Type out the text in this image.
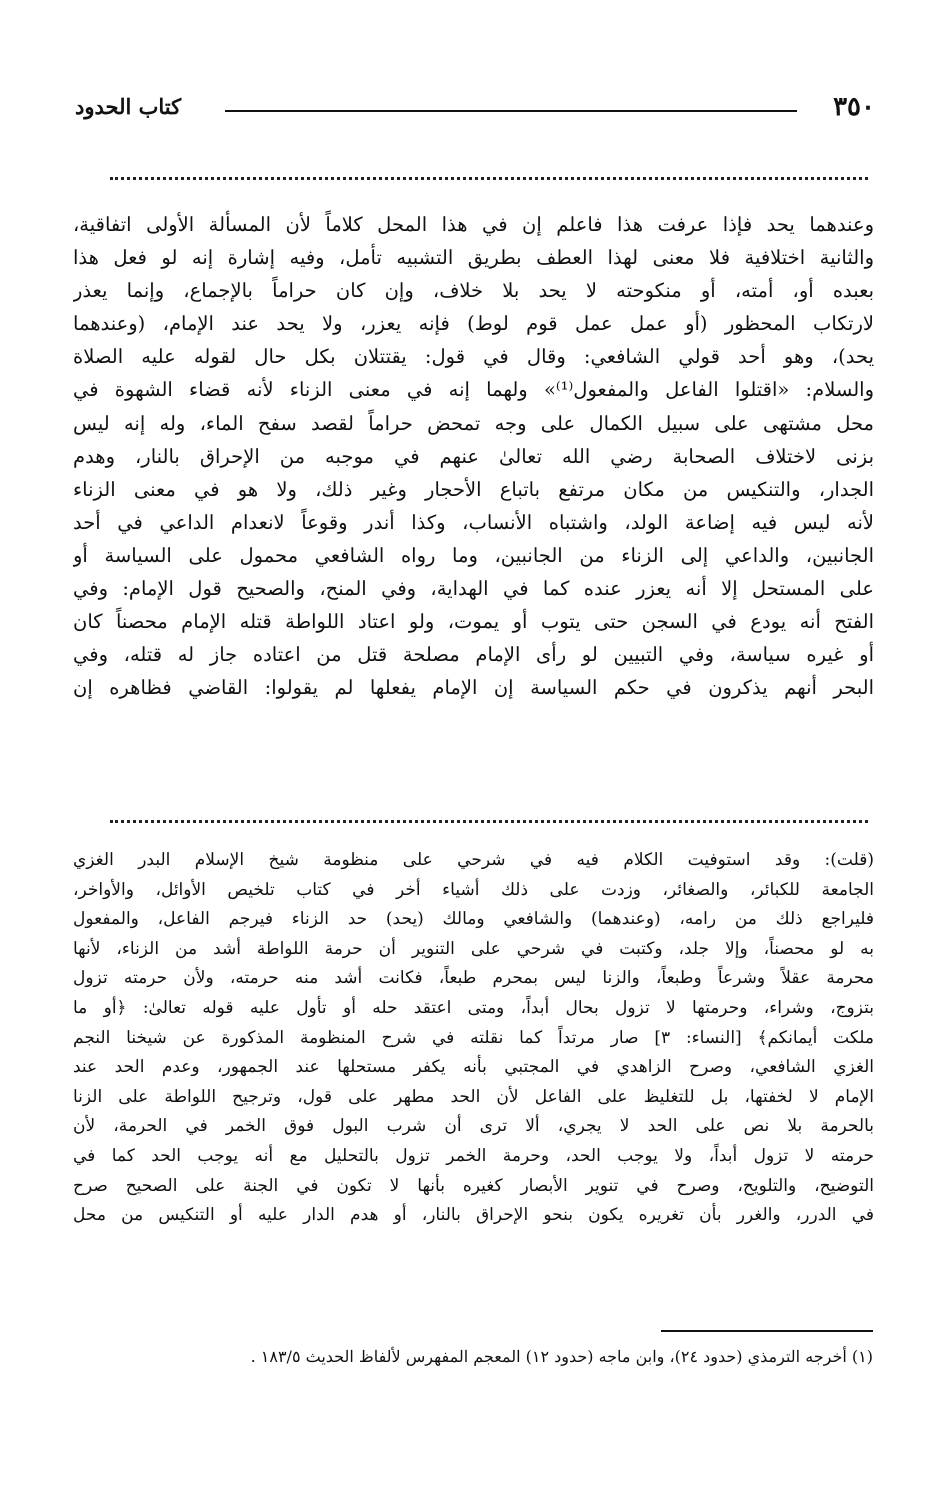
٣٥٠
كتاب الحدود

وعندهما يحد فإذا عرفت هذا فاعلم إن في هذا المحل كلاماً لأن المسألة الأولى اتفاقية،

والثانية اختلافية فلا معنى لهذا العطف بطريق التشبيه تأمل، وفيه إشارة إنه لو فعل هذا

بعبده أو، أمته، أو منكوحته لا يحد بلا خلاف، وإن كان حراماً بالإجماع، وإنما يعذر

لارتكاب المحظور (أو عمل عمل قوم لوط) فإنه يعزر، ولا يحد عند الإمام، (وعندهما

يحد)، وهو أحد قولي الشافعي: وقال في قول: يقتتلان بكل حال لقوله عليه الصلاة

والسلام: «اقتلوا الفاعل والمفعول⁽¹⁾» ولهما إنه في معنى الزناء لأنه قضاء الشهوة في

محل مشتهى على سبيل الكمال على وجه تمحض حراماً لقصد سفح الماء، وله إنه ليس

بزنى لاختلاف الصحابة رضي الله تعالىٰ عنهم في موجبه من الإحراق بالنار، وهدم

الجدار، والتنكيس من مكان مرتفع باتباع الأحجار وغير ذلك، ولا هو في معنى الزناء

لأنه ليس فيه إضاعة الولد، واشتباه الأنساب، وكذا أندر وقوعاً لانعدام الداعي في أحد

الجانبين، والداعي إلى الزناء من الجانبين، وما رواه الشافعي محمول على السياسة أو

على المستحل إلا أنه يعزر عنده كما في الهداية، وفي المنح، والصحيح قول الإمام: وفي

الفتح أنه يودع في السجن حتى يتوب أو يموت، ولو اعتاد اللواطة قتله الإمام محصناً كان

أو غيره سياسة، وفي التبيين لو رأى الإمام مصلحة قتل من اعتاده جاز له قتله، وفي

البحر أنهم يذكرون في حكم السياسة إن الإمام يفعلها لم يقولوا: القاضي فظاهره إن

(قلت): وقد استوفيت الكلام فيه في شرحي على منظومة شيخ الإسلام البدر الغزي

الجامعة للكبائر، والصغائر، وزدت على ذلك أشياء أخر في كتاب تلخيص الأوائل، والأواخر،

فليراجع ذلك من رامه، (وعندهما) والشافعي ومالك (يحد) حد الزناء فيرجم الفاعل، والمفعول

به لو محصناً، وإلا جلد، وكتبت في شرحي على التنوير أن حرمة اللواطة أشد من الزناء، لأنها

محرمة عقلاً وشرعاً وطبعاً، والزنا ليس بمحرم طبعاً، فكانت أشد منه حرمته، ولأن حرمته تزول

بتزوج، وشراء، وحرمتها لا تزول بحال أبداً، ومتى اعتقد حله أو تأول عليه قوله تعالىٰ: ﴿أو ما

ملكت أيمانكم﴾ [النساء: ٣] صار مرتداً كما نقلته في شرح المنظومة المذكورة عن شيخنا النجم

الغزي الشافعي، وصرح الزاهدي في المجتبي بأنه يكفر مستحلها عند الجمهور، وعدم الحد عند

الإمام لا لخفتها، بل للتغليظ على الفاعل لأن الحد مطهر على قول، وترجيح اللواطة على الزنا

بالحرمة بلا نص على الحد لا يجري، ألا ترى أن شرب البول فوق الخمر في الحرمة، لأن

حرمته لا تزول أبداً، ولا يوجب الحد، وحرمة الخمر تزول بالتحليل مع أنه يوجب الحد كما في

التوضيح، والتلويح، وصرح في تنوير الأبصار كغيره بأنها لا تكون في الجنة على الصحيح صرح

في الدرر، والغرر بأن تغريره يكون بنحو الإحراق بالنار، أو هدم الدار عليه أو التنكيس من محل

(١) أخرجه الترمذي (حدود ٢٤)، وابن ماجه (حدود ١٢) المعجم المفهرس لألفاظ الحديث ١٨٣/٥ .
